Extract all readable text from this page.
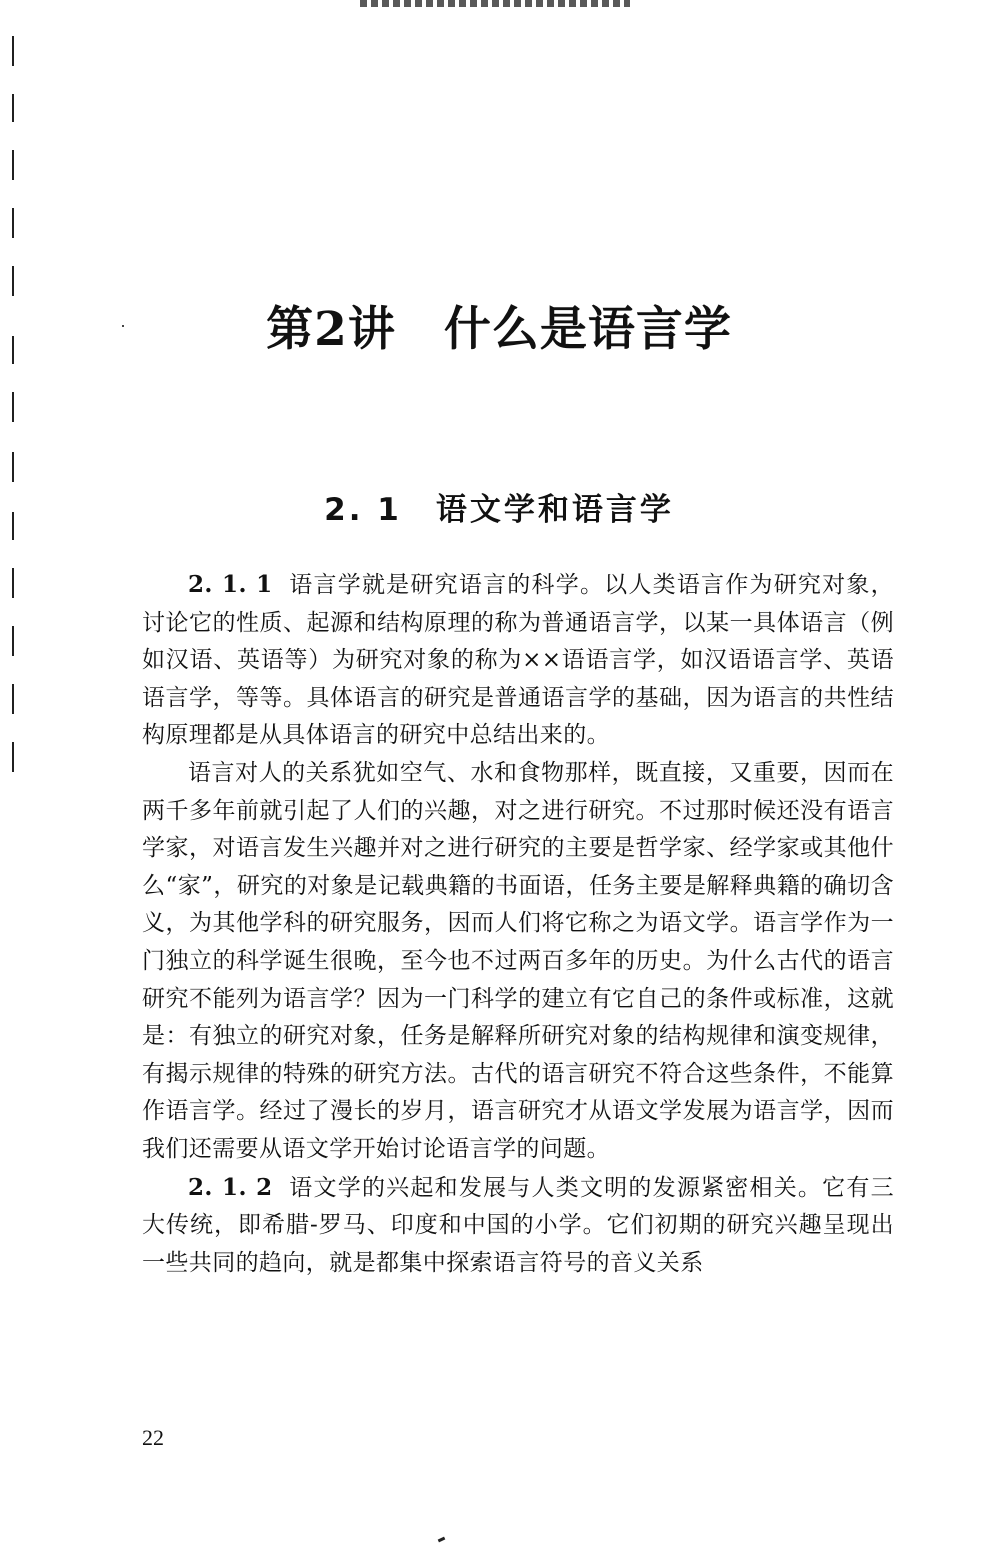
第2讲　什么是语言学
2. 1　语文学和语言学

2. 1. 1 语言学就是研究语言的科学。以人类语言作为研究对象，讨论它的性质、起源和结构原理的称为普通语言学，以某一具体语言（例如汉语、英语等）为研究对象的称为××语语言学，如汉语语言学、英语语言学，等等。具体语言的研究是普通语言学的基础，因为语言的共性结构原理都是从具体语言的研究中总结出来的。

语言对人的关系犹如空气、水和食物那样，既直接，又重要，因而在两千多年前就引起了人们的兴趣，对之进行研究。不过那时候还没有语言学家，对语言发生兴趣并对之进行研究的主要是哲学家、经学家或其他什么“家”，研究的对象是记载典籍的书面语，任务主要是解释典籍的确切含义，为其他学科的研究服务，因而人们将它称之为语文学。语言学作为一门独立的科学诞生很晚，至今也不过两百多年的历史。为什么古代的语言研究不能列为语言学？因为一门科学的建立有它自己的条件或标准，这就是：有独立的研究对象，任务是解释所研究对象的结构规律和演变规律，有揭示规律的特殊的研究方法。古代的语言研究不符合这些条件，不能算作语言学。经过了漫长的岁月，语言研究才从语文学发展为语言学，因而我们还需要从语文学开始讨论语言学的问题。

2. 1. 2 语文学的兴起和发展与人类文明的发源紧密相关。它有三大传统，即希腊-罗马、印度和中国的小学。它们初期的研究兴趣呈现出一些共同的趋向，就是都集中探索语言符号的音义关系

22
